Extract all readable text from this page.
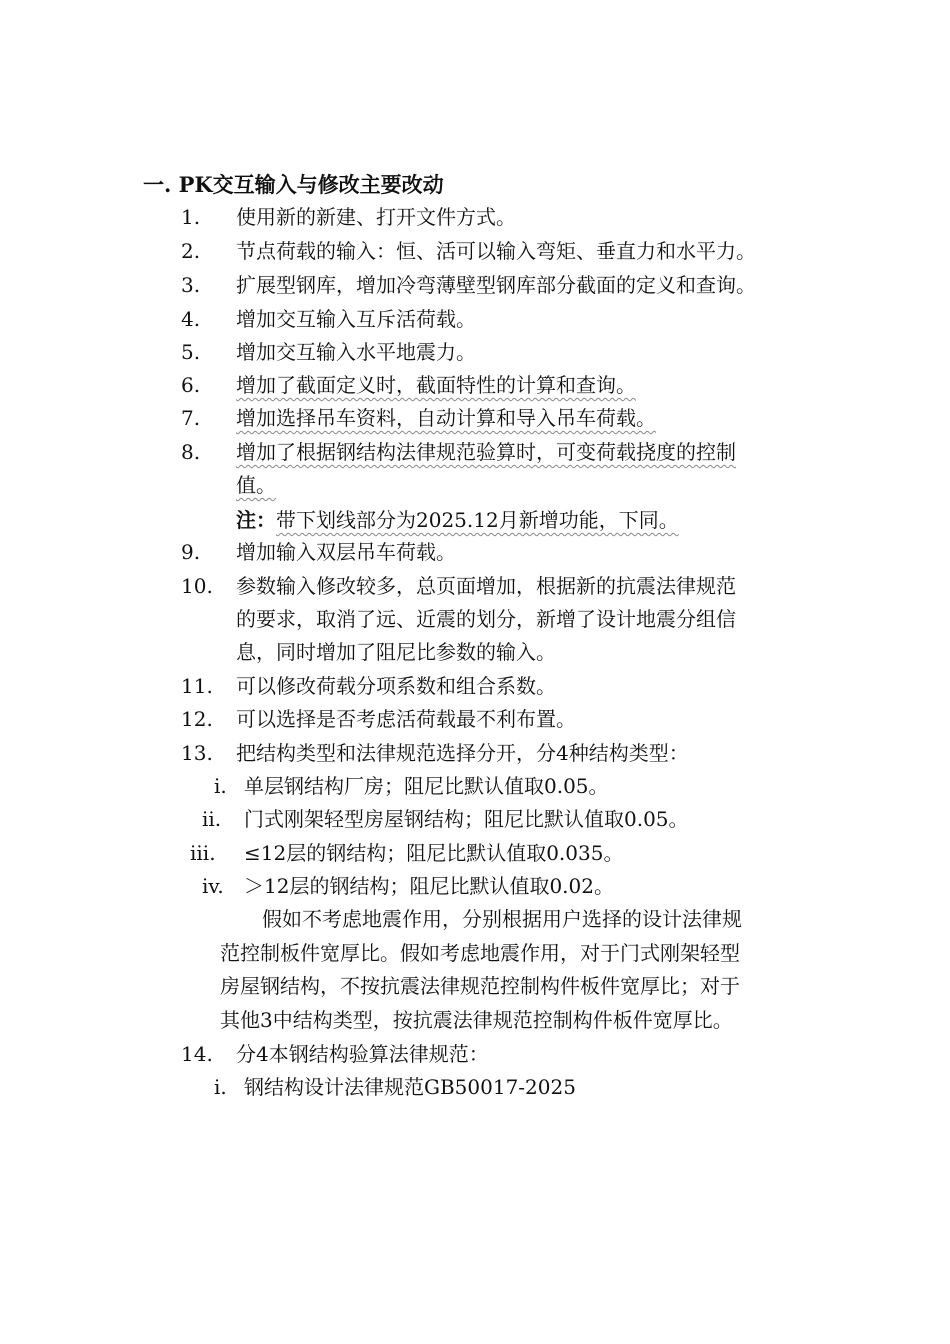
一. PK交互输入与修改主要改动
1. 使用新的新建、打开文件方式。
2. 节点荷载的输入：恒、活可以输入弯矩、垂直力和水平力。
3. 扩展型钢库，增加冷弯薄壁型钢库部分截面的定义和查询。
4. 增加交互输入互斥活荷载。
5. 增加交互输入水平地震力。
6. 增加了截面定义时，截面特性的计算和查询。
7. 增加选择吊车资料，自动计算和导入吊车荷载。
8. 增加了根据钢结构法律规范验算时，可变荷载挠度的控制
值。
注：带下划线部分为2025.12月新增功能，下同。
9. 增加输入双层吊车荷载。
10. 参数输入修改较多，总页面增加，根据新的抗震法律规范
的要求，取消了远、近震的划分，新增了设计地震分组信
息，同时增加了阻尼比参数的输入。
11. 可以修改荷载分项系数和组合系数。
12. 可以选择是否考虑活荷载最不利布置。
13. 把结构类型和法律规范选择分开，分4种结构类型：
i. 单层钢结构厂房；阻尼比默认值取0.05。
ii. 门式刚架轻型房屋钢结构；阻尼比默认值取0.05。
iii. ≤12层的钢结构；阻尼比默认值取0.035。
iv. ＞12层的钢结构；阻尼比默认值取0.02。
假如不考虑地震作用，分别根据用户选择的设计法律规
范控制板件宽厚比。假如考虑地震作用，对于门式刚架轻型
房屋钢结构，不按抗震法律规范控制构件板件宽厚比；对于
其他3中结构类型，按抗震法律规范控制构件板件宽厚比。
14. 分4本钢结构验算法律规范：
i. 钢结构设计法律规范GB50017-2025
